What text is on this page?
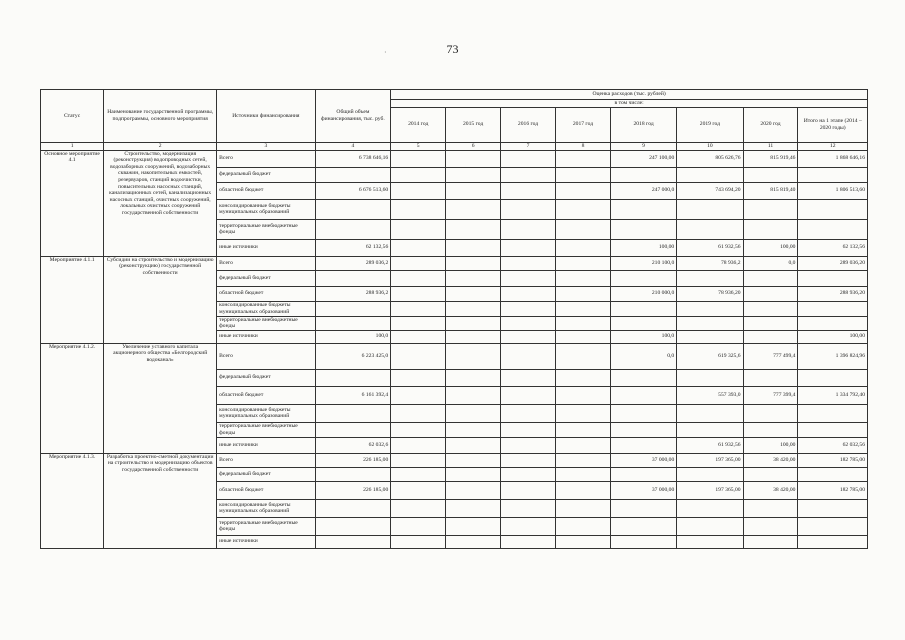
73
·
Статус	Наименование государственной программы, подпрограммы, основного мероприятия	Источники финансирования	Общий объем финансирования, тыс. руб.	Оценка расходов (тыс. рублей)							
				в том числе:							
				2014 год	2015 год	2016 год	2017 год	2018 год	2019 год	2020 год	Итого на 1 этапе (2014 – 2020 годы)
1	2	3	4	5	6	7	8	9	10	11	12
Основное мероприятие 4.1	Строительство, модернизация (реконструкция) водопроводных сетей, водозаборных сооружений, водозаборных скважин, накопительных емкостей, резервуаров, станций водоочистки, повысительных насосных станций, канализационных сетей, канализационных насосных станций, очистных сооружений, локальных очистных сооружений государственной собственности	Всего	6 738 646,16					247 100,00	805 626,76	815 919,46	1 868 646,16
		федеральный бюджет									
		областной бюджет	6 676 513,60					247 000,0	743 694,20	815 819,40	1 806 513,60
		консолидированные бюджеты муниципальных образований									
		территориальные внебюджетные фонды									
		иные источники	62 132,56					100,00	61 932,56	100,00	62 132,56
Мероприятие 4.1.1	Субсидии на строительство и модернизацию (реконструкцию) государственной собственности	Всего	289 036,2					210 100,0	78 936,2	0,0	289 036,20
		федеральный бюджет									
		областной бюджет	288 936,2					210 000,0	78 936,20		288 936,20
		консолидированные бюджеты муниципальных образований									
		территориальные внебюджетные фонды									
		иные источники	100,0					100,0			100,00
Мероприятие 4.1.2.	Увеличение уставного капитала акционерного общества «Белгородский водоканал»	Всего	6 223 425,0					0,0	619 325,6	777 499,4	1 396 824,96
		федеральный бюджет									
		областной бюджет	6 161 392,4						557 393,0	777 399,4	1 334 792,40
		консолидированные бюджеты муниципальных образований									
		территориальные внебюджетные фонды									
		иные источники	62 032,6						61 932,56	100,00	62 032,56
Мероприятие 4.1.3.	Разработка проектно-сметной документации на строительство и модернизацию объектов государственной собственности	Всего	226 185,00					37 000,00	197 365,00	38 420,00	182 785,00
		федеральный бюджет									
		областной бюджет	226 185,00					37 000,00	197 365,00	38 420,00	182 785,00
		консолидированные бюджеты муниципальных образований									
		территориальные внебюджетные фонды									
		иные источники									
